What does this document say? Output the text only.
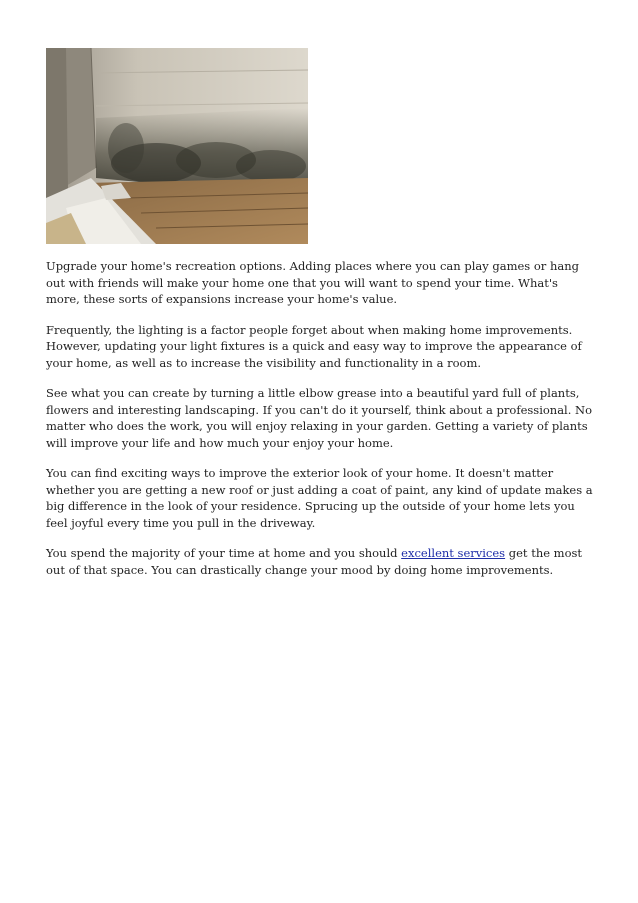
Upgrade your home's recreation options. Adding places where you can play games or hang out with friends will make your home one that you will want to spend your time. What's more, these sorts of expansions increase your home's value.

Frequently, the lighting is a factor people forget about when making home improvements. However, updating your light fixtures is a quick and easy way to improve the appearance of your home, as well as to increase the visibility and functionality in a room.

See what you can create by turning a little elbow grease into a beautiful yard full of plants, flowers and interesting landscaping. If you can't do it yourself, think about a professional. No matter who does the work, you will enjoy relaxing in your garden. Getting a variety of plants will improve your life and how much your enjoy your home.

You can find exciting ways to improve the exterior look of your home. It doesn't matter whether you are getting a new roof or just adding a coat of paint, any kind of update makes a big difference in the look of your residence. Sprucing up the outside of your home lets you feel joyful every time you pull in the driveway.

You spend the majority of your time at home and you should excellent services get the most out of that space. You can drastically change your mood by doing home improvements.
